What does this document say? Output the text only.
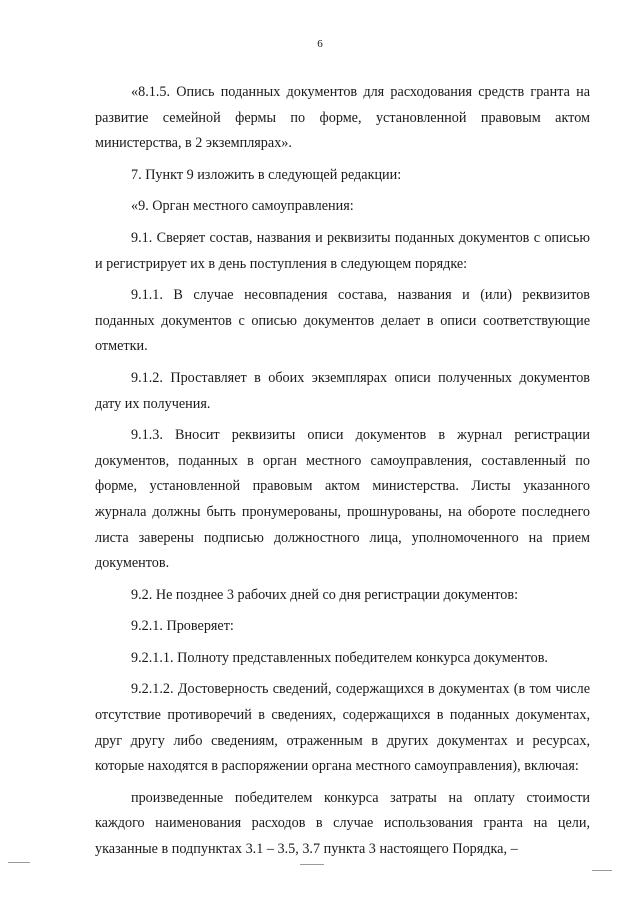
6

«8.1.5. Опись поданных документов для расходования средств гранта на развитие семейной фермы по форме, установленной правовым актом министерства, в 2 экземплярах».

7. Пункт 9 изложить в следующей редакции:

«9. Орган местного самоуправления:

9.1. Сверяет состав, названия и реквизиты поданных документов с описью и регистрирует их в день поступления в следующем порядке:

9.1.1. В случае несовпадения состава, названия и (или) реквизитов поданных документов с описью документов делает в описи соответствующие отметки.

9.1.2. Проставляет в обоих экземплярах описи полученных документов дату их получения.

9.1.3. Вносит реквизиты описи документов в журнал регистрации документов, поданных в орган местного самоуправления, составленный по форме, установленной правовым актом министерства. Листы указанного журнала должны быть пронумерованы, прошнурованы, на обороте последнего листа заверены подписью должностного лица, уполномоченного на прием документов.

9.2. Не позднее 3 рабочих дней со дня регистрации документов:

9.2.1. Проверяет:

9.2.1.1. Полноту представленных победителем конкурса документов.

9.2.1.2. Достоверность сведений, содержащихся в документах (в том числе отсутствие противоречий в сведениях, содержащихся в поданных документах, друг другу либо сведениям, отраженным в других документах и ресурсах, которые находятся в распоряжении органа местного самоуправления), включая:

произведенные победителем конкурса затраты на оплату стоимости каждого наименования расходов в случае использования гранта на цели, указанные в подпунктах 3.1 – 3.5, 3.7 пункта 3 настоящего Порядка, –
